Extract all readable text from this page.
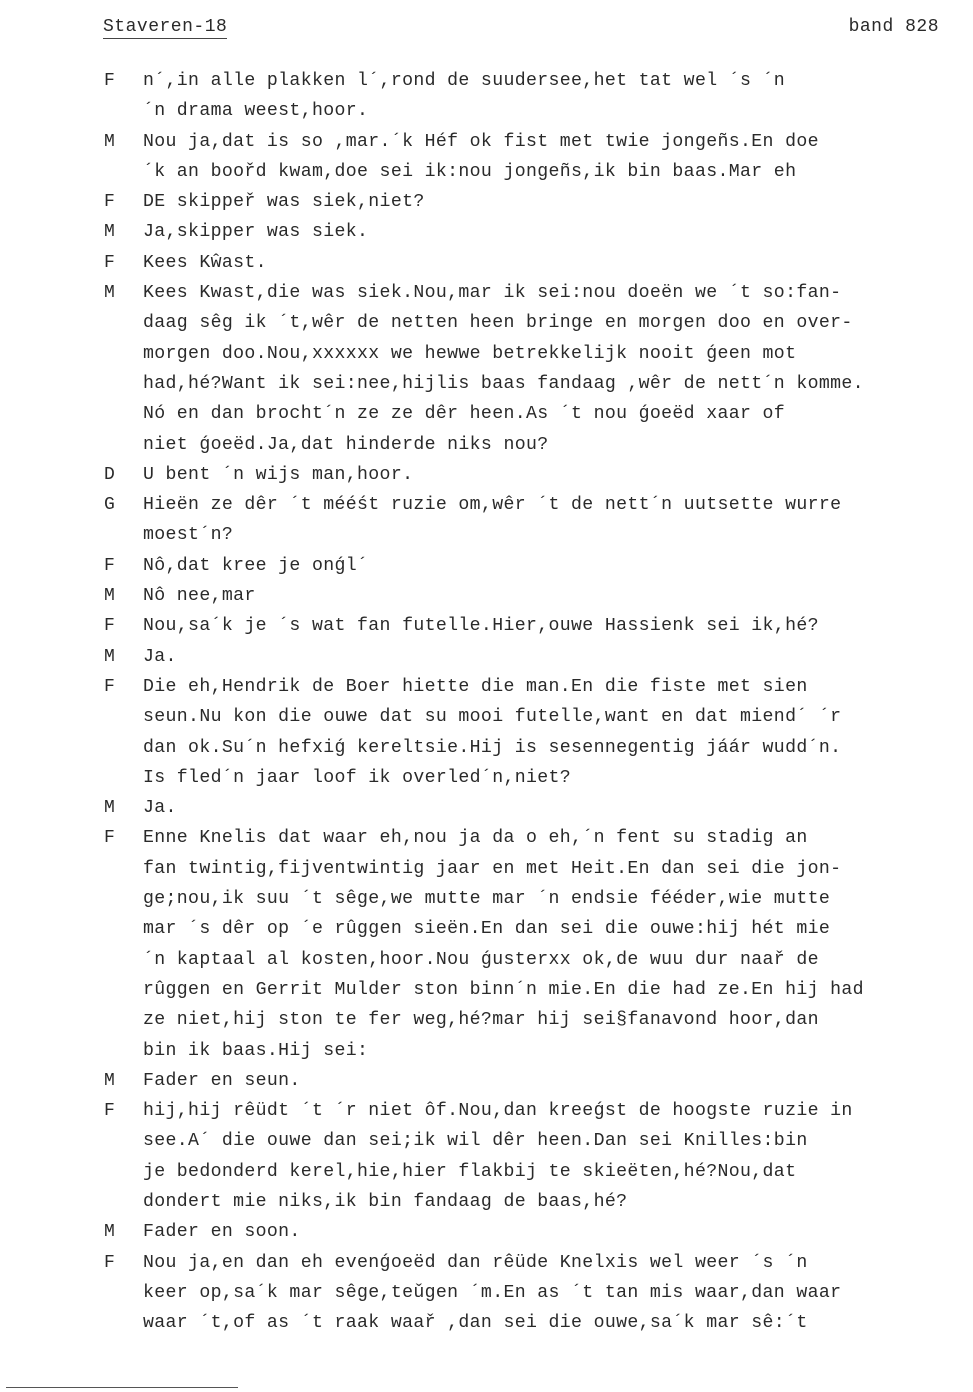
Staveren-18	band 828
F	n´,in alle plakken l´,rond de suudersee,het tat wel ´s ´n
´n drama weest,hoor.
M	Nou ja,dat is so ,mar.´k Héf ok fist met twie jongeñs.En doe
´k an boořd kwam,doe sei ik:nou jongeñs,ik bin baas.Mar eh
F	DE skippeř was siek,niet?
M	Ja,skipper was siek.
F	Kees Kŵast.
M	Kees Kwast,die was siek.Nou,mar ik sei:nou doeën we ´t so:fan-
daag sêg ik ´t,wêr de netten heen bringe en morgen doo en over-
morgen doo.Nou,xxxxxx we hewwe betrekkelijk nooit ǵeen mot
had,hé?Want ik sei:nee,hijlis baas fandaag ,wêr de nett´n komme.
Nó en dan brocht´n ze ze dêr heen.As ´t nou ǵoeëd xaar of
niet ǵoeëd.Ja,dat hinderde niks nou?
D	U bent ´n wijs man,hoor.
G	Hieën ze dêr ´t mééśt ruzie om,wêr ´t de nett´n uutsette wurre
moest´n?
F	Nô,dat kree je onǵl´
M	Nô nee,mar
F	Nou,sa´k je ´s wat fan futelle.Hier,ouwe Hassienk sei ik,hé?
M	Ja.
F	Die eh,Hendrik de Boer hiette die man.En die fiste met sien
seun.Nu kon die ouwe dat su mooi futelle,want en dat miend´ ´r
dan ok.Su´n hefxiǵ kereltsie.Hij is sesennegentig jáár wudd´n.
Is fled´n jaar loof ik overled´n,niet?
M	Ja.
F	Enne Knelis dat waar eh,nou ja da o eh,´n fent su stadig an
fan twintig,fijventwintig jaar en met Heit.En dan sei die jon-
ge;nou,ik suu ´t sêge,we mutte mar ´n endsie fééder,wie mutte
mar ´s dêr op ´e rûggen sieën.En dan sei die ouwe:hij hét mie
´n kaptaal al kosten,hoor.Nou ǵusterxx ok,de wuu dur naař de
rûggen en Gerrit Mulder ston binn´n mie.En die had ze.En hij had
ze niet,hij ston te fer weg,hé?mar hij sei§fanavond hoor,dan
bin ik baas.Hij sei:
M	Fader en seun.
F	hij,hij rêüdt ´t ´r niet ôf.Nou,dan kreeǵst de hoogste ruzie in
see.A´ die ouwe dan sei;ik wil dêr heen.Dan sei Knilles:bin
je bedonderd kerel,hie,hier flakbij te skieëten,hé?Nou,dat
dondert mie niks,ik bin fandaag de baas,hé?
M	Fader en soon.
F	Nou ja,en dan eh evenǵoeëd dan rêüde Knelxis wel weer ´s ´n
keer op,sa´k mar sêge,teǔgen ´m.En as ´t tan mis waar,dan waar
waar ´t,of as ´t raak waař ,dan sei die ouwe,sa´k mar sê:´t
